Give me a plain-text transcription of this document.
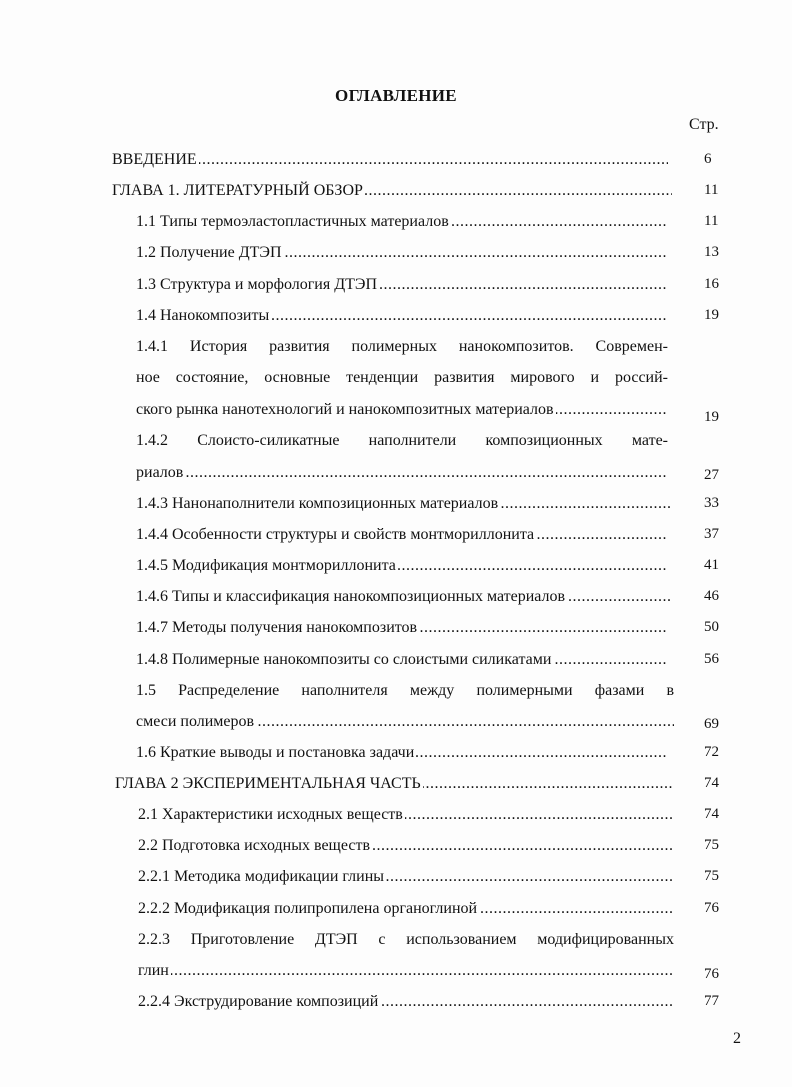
ОГЛАВЛЕНИЕ
Стр.
ВВЕДЕНИЕ .....	6
ГЛАВА 1. ЛИТЕРАТУРНЫЙ ОБЗОР .....	11
1.1 Типы термоэластопластичных материалов .....	11
1.2 Получение ДТЭП .....	13
1.3 Структура и морфология ДТЭП .....	16
1.4 Нанокомпозиты .....	19
1.4.1 История развития полимерных нанокомпозитов. Современ-
ное состояние, основные тенденции развития мирового и россий-
ского рынка нанотехнологий и нанокомпозитных материалов .....	19
1.4.2 Слоисто-силикатные наполнители композиционных мате-
риалов .....	27
1.4.3 Нанонаполнители композиционных материалов .....	33
1.4.4 Особенности структуры и свойств монтмориллонита .....	37
1.4.5 Модификация монтмориллонита .....	41
1.4.6 Типы и классификация нанокомпозиционных материалов .....	46
1.4.7 Методы получения нанокомпозитов .....	50
1.4.8 Полимерные нанокомпозиты со слоистыми силикатами .....	56
1.5 Распределение наполнителя между полимерными фазами в
смеси полимеров .....	69
1.6 Краткие выводы и постановка задачи .....	72
ГЛАВА 2 ЭКСПЕРИМЕНТАЛЬНАЯ ЧАСТЬ .....	74
2.1 Характеристики исходных веществ .....	74
2.2 Подготовка исходных веществ .....	75
2.2.1 Методика модификации глины .....	75
2.2.2 Модификация полипропилена органоглиной .....	76
2.2.3 Приготовление ДТЭП с использованием модифицированных
глин .....	76
2.2.4 Экструдирование композиций .....	77
2
